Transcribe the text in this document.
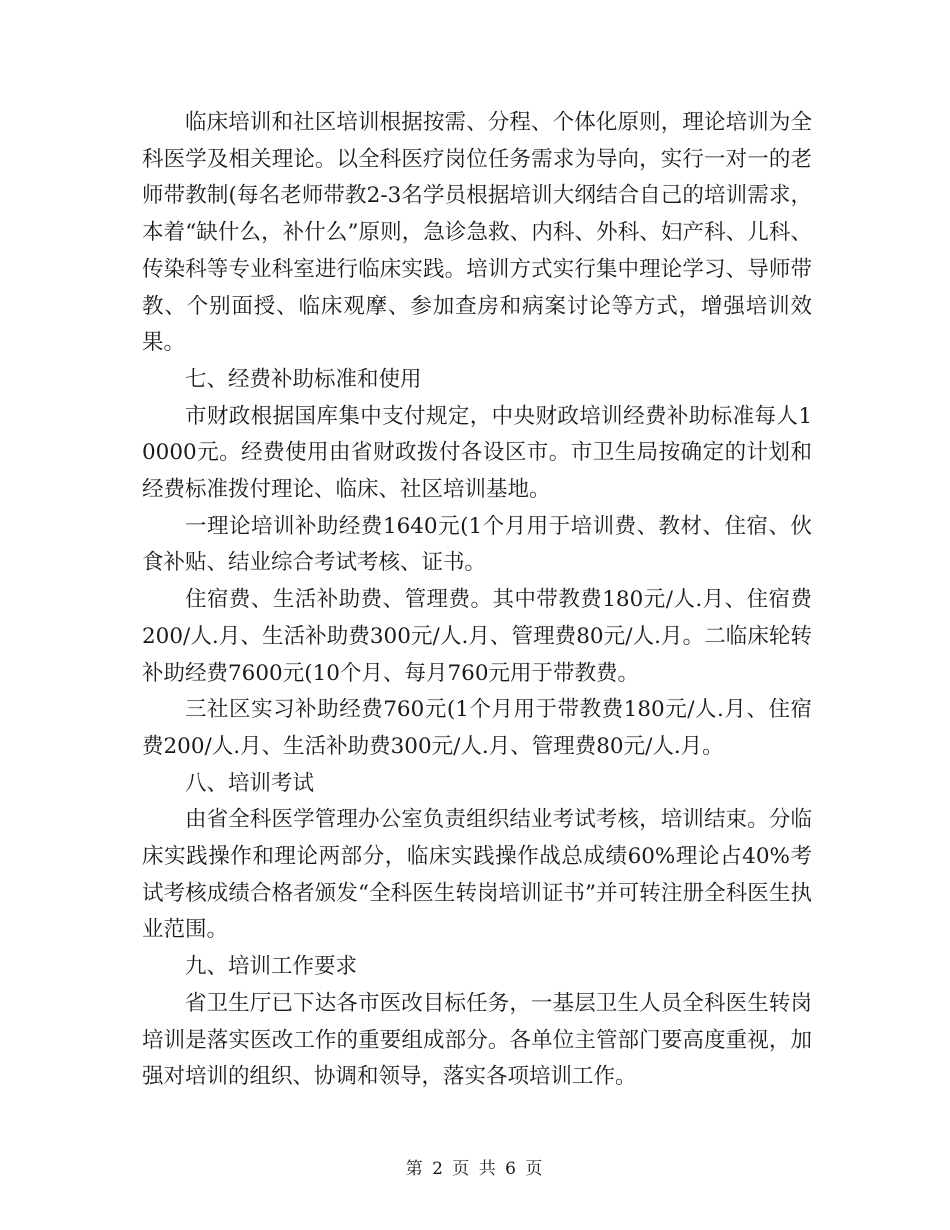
临床培训和社区培训根据按需、分程、个体化原则，理论培训为全科医学及相关理论。以全科医疗岗位任务需求为导向，实行一对一的老师带教制(每名老师带教2-3名学员根据培训大纲结合自己的培训需求，本着“缺什么，补什么”原则，急诊急救、内科、外科、妇产科、儿科、传染科等专业科室进行临床实践。培训方式实行集中理论学习、导师带教、个别面授、临床观摩、参加查房和病案讨论等方式，增强培训效果。

七、经费补助标准和使用

市财政根据国库集中支付规定，中央财政培训经费补助标准每人10000元。经费使用由省财政拨付各设区市。市卫生局按确定的计划和经费标准拨付理论、临床、社区培训基地。

一理论培训补助经费1640元(1个月用于培训费、教材、住宿、伙食补贴、结业综合考试考核、证书。

住宿费、生活补助费、管理费。其中带教费180元/人.月、住宿费200/人.月、生活补助费300元/人.月、管理费80元/人.月。二临床轮转补助经费7600元(10个月、每月760元用于带教费。

三社区实习补助经费760元(1个月用于带教费180元/人.月、住宿费200/人.月、生活补助费300元/人.月、管理费80元/人.月。

八、培训考试

由省全科医学管理办公室负责组织结业考试考核，培训结束。分临床实践操作和理论两部分，临床实践操作战总成绩60%理论占40%考试考核成绩合格者颁发“全科医生转岗培训证书”并可转注册全科医生执业范围。

九、培训工作要求

省卫生厅已下达各市医改目标任务，一基层卫生人员全科医生转岗培训是落实医改工作的重要组成部分。各单位主管部门要高度重视，加强对培训的组织、协调和领导，落实各项培训工作。

第 2 页 共 6 页
